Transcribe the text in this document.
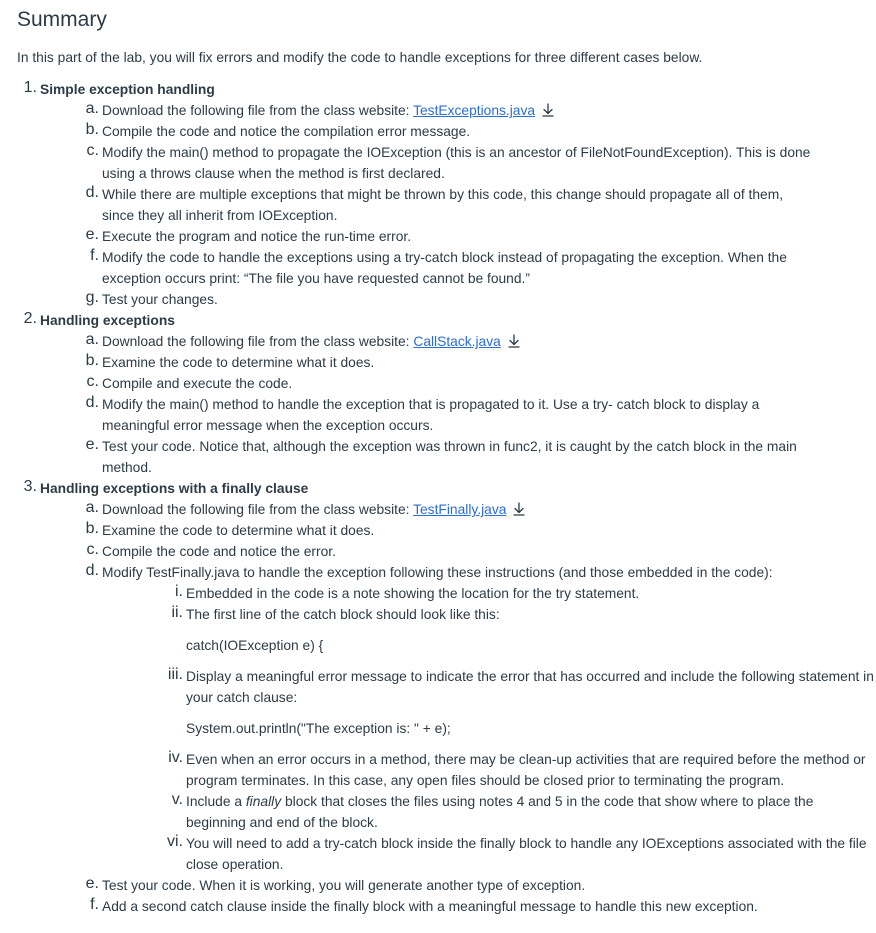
Summary

In this part of the lab, you will fix errors and modify the code to handle exceptions for three different cases below.

1. Simple exception handling
a. Download the following file from the class website: TestExceptions.java
b. Compile the code and notice the compilation error message.
c. Modify the main() method to propagate the IOException (this is an ancestor of FileNotFoundException). This is done using a throws clause when the method is first declared.
d. While there are multiple exceptions that might be thrown by this code, this change should propagate all of them, since they all inherit from IOException.
e. Execute the program and notice the run-time error.
f. Modify the code to handle the exceptions using a try-catch block instead of propagating the exception. When the exception occurs print: “The file you have requested cannot be found.”
g. Test your changes.
2. Handling exceptions
a. Download the following file from the class website: CallStack.java
b. Examine the code to determine what it does.
c. Compile and execute the code.
d. Modify the main() method to handle the exception that is propagated to it. Use a try- catch block to display a meaningful error message when the exception occurs.
e. Test your code. Notice that, although the exception was thrown in func2, it is caught by the catch block in the main method.
3. Handling exceptions with a finally clause
a. Download the following file from the class website: TestFinally.java
b. Examine the code to determine what it does.
c. Compile the code and notice the error.
d. Modify TestFinally.java to handle the exception following these instructions (and those embedded in the code):
i. Embedded in the code is a note showing the location for the try statement.
ii. The first line of the catch block should look like this:
catch(IOException e) {
iii. Display a meaningful error message to indicate the error that has occurred and include the following statement in your catch clause:
System.out.println("The exception is: " + e);
iv. Even when an error occurs in a method, there may be clean-up activities that are required before the method or program terminates. In this case, any open files should be closed prior to terminating the program.
v. Include a finally block that closes the files using notes 4 and 5 in the code that show where to place the beginning and end of the block.
vi. You will need to add a try-catch block inside the finally block to handle any IOExceptions associated with the file close operation.
e. Test your code. When it is working, you will generate another type of exception.
f. Add a second catch clause inside the finally block with a meaningful message to handle this new exception.
